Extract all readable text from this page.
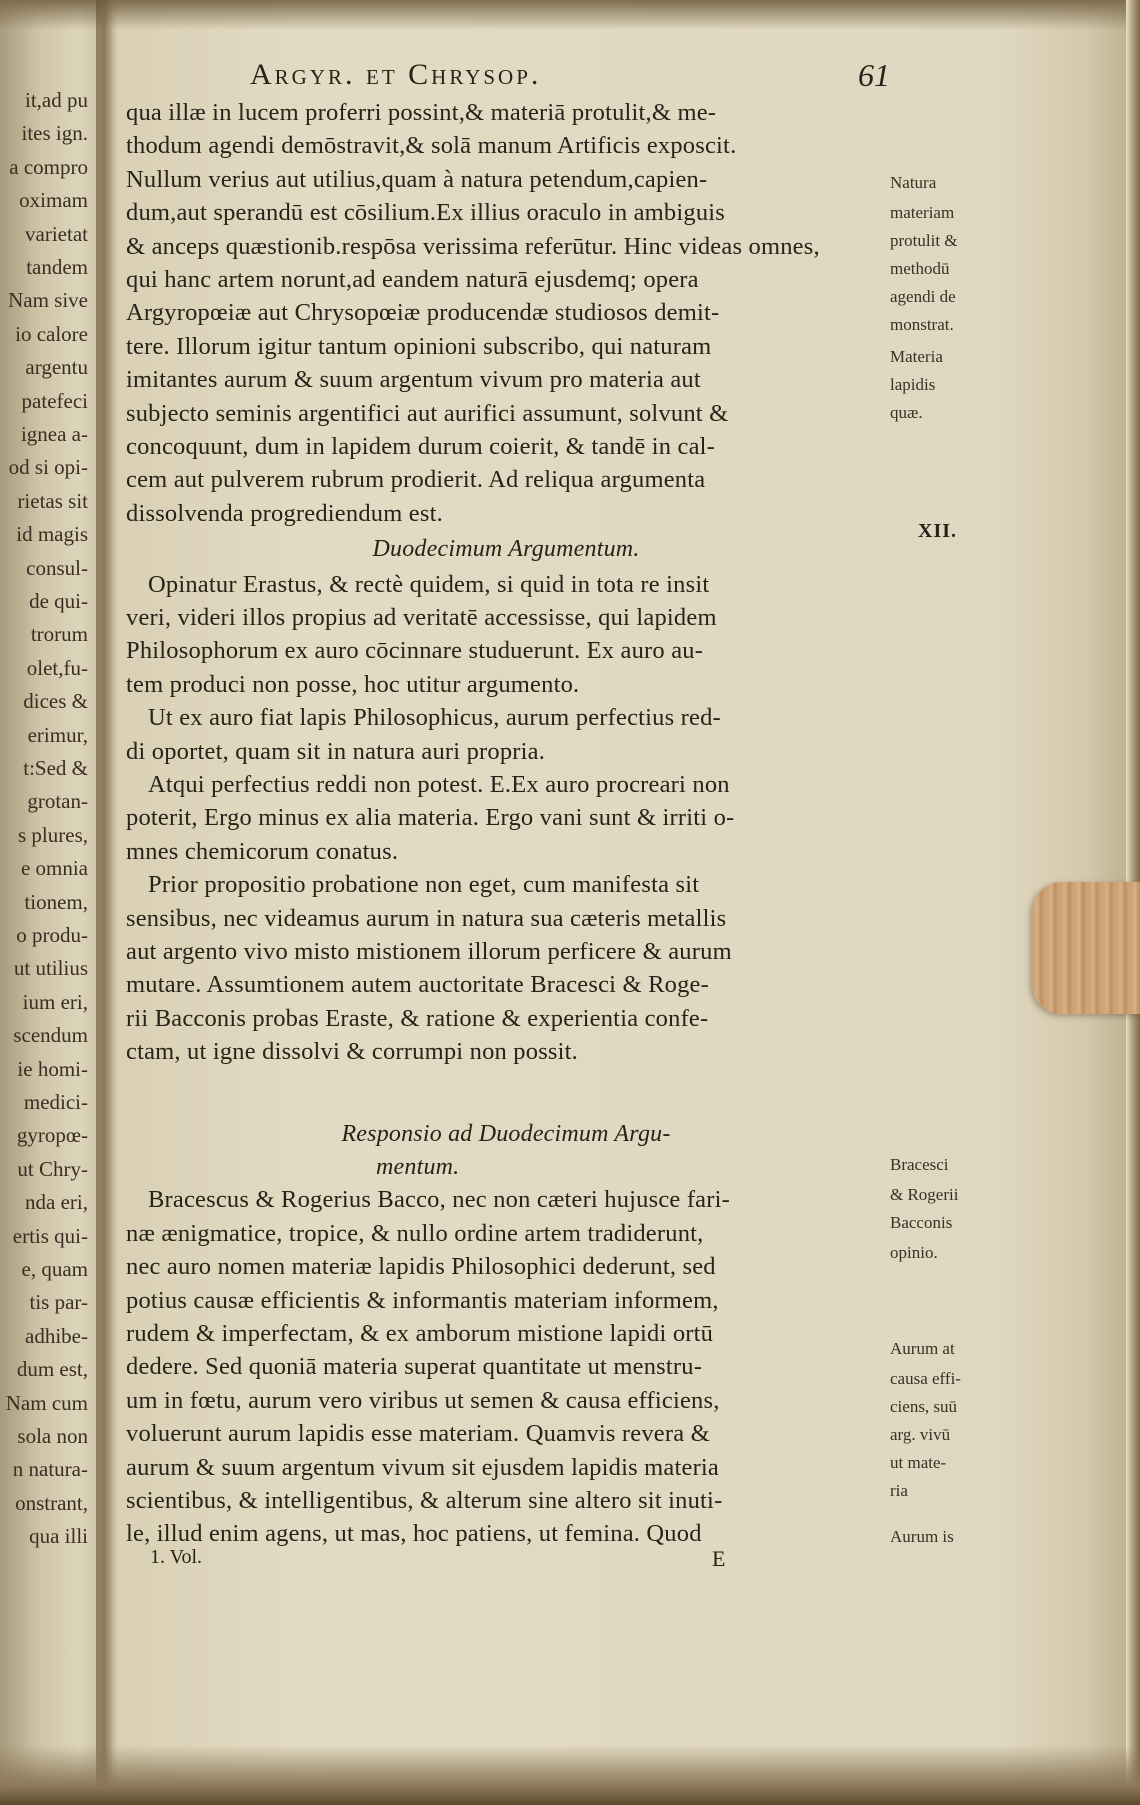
it,ad pu
ites ign.
a compro
oximam
varietat
tandem
Nam sive
io calore
argentu
patefeci
ignea a-
od si opi-
rietas sit
id magis
consul-
de qui-
trorum
olet,fu-
dices &
erimur,
t:Sed &
grotan-
s plures,
e omnia
tionem,
o produ-
ut utilius
ium eri,
scendum
ie homi-
medici-
gyropœ-
ut Chry-
nda eri,
ertis qui-
e, quam
tis par-
adhibe-
dum est,
Nam cum
sola non
n natura-
onstrant,
qua illi
Argyr. et Chrysop.	61
qua illæ in lucem proferri possint,& materiā protulit,& me-
thodum agendi demōstravit,& solā manum Artificis exposcit.
Nullum verius aut utilius,quam à natura petendum,capien-
dum,aut sperandū est cōsilium.Ex illius oraculo in ambiguis
& anceps quæstionib.respōsa verissima referūtur. Hinc videas omnes,
qui hanc artem norunt,ad eandem naturā ejusdemq; opera
Argyropœiæ aut Chrysopœiæ producendæ studiosos demit-
tere. Illorum igitur tantum opinioni subscribo, qui naturam
imitantes aurum & suum argentum vivum pro materia aut
subjecto seminis argentifici aut aurifici assumunt, solvunt &
concoquunt, dum in lapidem durum coierit, & tandē in cal-
cem aut pulverem rubrum prodierit. Ad reliqua argumenta
dissolvenda progrediendum est.
Duodecimum Argumentum.
Opinatur Erastus, & rectè quidem, si quid in tota re insit
veri, videri illos propius ad veritatē accessisse, qui lapidem
Philosophorum ex auro cōcinnare studuerunt. Ex auro au-
tem produci non posse, hoc utitur argumento.
Ut ex auro fiat lapis Philosophicus, aurum perfectius red-
di oportet, quam sit in natura auri propria.
Atqui perfectius reddi non potest. E.Ex auro procreari non
poterit, Ergo minus ex alia materia. Ergo vani sunt & irriti o-
mnes chemicorum conatus.
Prior propositio probatione non eget, cum manifesta sit
sensibus, nec videamus aurum in natura sua cæteris metallis
aut argento vivo misto mistionem illorum perficere & aurum
mutare. Assumtionem autem auctoritate Bracesci & Roge-
rii Bacconis probas Eraste, & ratione & experientia confe-
ctam, ut igne dissolvi & corrumpi non possit.
Responsio ad Duodecimum Argu-
mentum.
Bracescus & Rogerius Bacco, nec non cæteri hujusce fari-
næ ænigmatice, tropice, & nullo ordine artem tradiderunt,
nec auro nomen materiæ lapidis Philosophici dederunt, sed
potius causæ efficientis & informantis materiam informem,
rudem & imperfectam, & ex amborum mistione lapidi ortū
dedere. Sed quoniā materia superat quantitate ut menstru-
um in fœtu, aurum vero viribus ut semen & causa efficiens,
voluerunt aurum lapidis esse materiam. Quamvis revera &
aurum & suum argentum vivum sit ejusdem lapidis materia
scientibus, & intelligentibus, & alterum sine altero sit inuti-
le, illud enim agens, ut mas, hoc patiens, ut femina. Quod
XII.
Natura
materiam
protulit &
methodū
agendi de
monstrat.
Materia
lapidis
quæ.
Bracesci
& Rogerii
Bacconis
opinio.
Aurum at
causa effi-
ciens, suū
arg. vivū
ut mate-
ria
Aurum is
1. Vol.	E
